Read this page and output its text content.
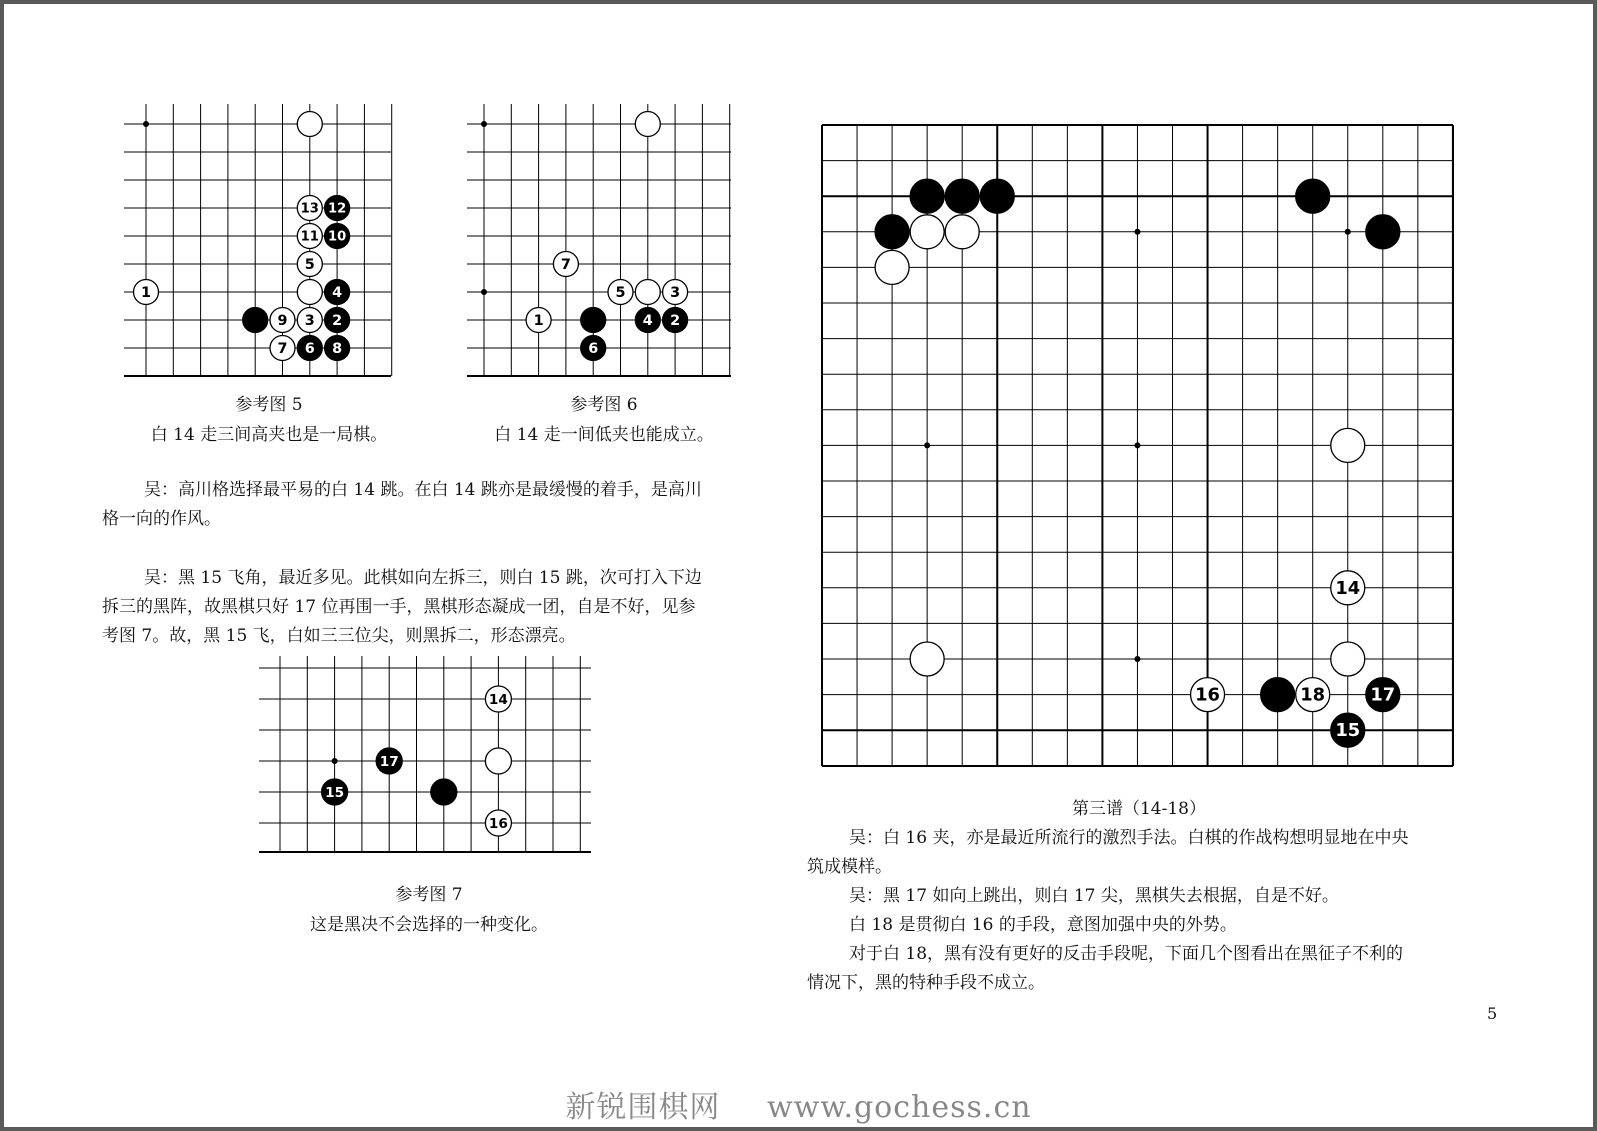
12
13
10
11
5
1	4
9 3 2
7 6 8
7
5	3
1	4 2
6
14
17
15
16
14
16	18	17
15
参考图 5
白 14 走三间高夹也是一局棋。
参考图 6
白 14 走一间低夹也能成立。

吴：高川格选择最平易的白 14 跳。在白 14 跳亦是最缓慢的着手，是高川

格一向的作风。

吴：黑 15 飞角，最近多见。此棋如向左拆三，则白 15 跳，次可打入下边

拆三的黑阵，故黑棋只好 17 位再围一手，黑棋形态凝成一团，自是不好，见参

考图 7。故，黑 15 飞，白如三三位尖，则黑拆二，形态漂亮。

参考图 7
这是黑决不会选择的一种变化。
第三谱（14-18）

吴：白 16 夹，亦是最近所流行的激烈手法。白棋的作战构想明显地在中央

筑成模样。

吴：黑 17 如向上跳出，则白 17 尖，黑棋失去根据，自是不好。

白 18 是贯彻白 16 的手段，意图加强中央的外势。

对于白 18，黑有没有更好的反击手段呢，下面几个图看出在黑征子不利的

情况下，黑的特种手段不成立。

5
新锐围棋网 www.gochess.cn
